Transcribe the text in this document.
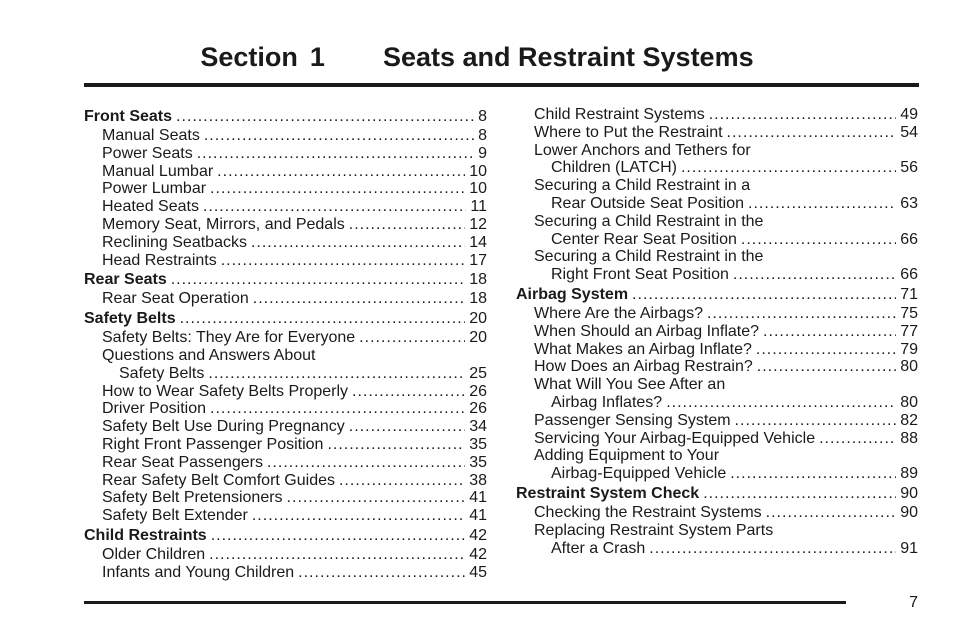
Section 1 Seats and Restraint Systems
Front Seats .....	8
Manual Seats .....	8
Power Seats .....	9
Manual Lumbar .....	10
Power Lumbar .....	10
Heated Seats .....	11
Memory Seat, Mirrors, and Pedals .....	12
Reclining Seatbacks .....	14
Head Restraints .....	17
Rear Seats .....	18
Rear Seat Operation .....	18
Safety Belts .....	20
Safety Belts: They Are for Everyone .....	20
Questions and Answers About
Safety Belts .....	25
How to Wear Safety Belts Properly .....	26
Driver Position .....	26
Safety Belt Use During Pregnancy .....	34
Right Front Passenger Position .....	35
Rear Seat Passengers .....	35
Rear Safety Belt Comfort Guides .....	38
Safety Belt Pretensioners .....	41
Safety Belt Extender .....	41
Child Restraints .....	42
Older Children .....	42
Infants and Young Children .....	45
Child Restraint Systems .....	49
Where to Put the Restraint .....	54
Lower Anchors and Tethers for
Children (LATCH) .....	56
Securing a Child Restraint in a
Rear Outside Seat Position .....	63
Securing a Child Restraint in the
Center Rear Seat Position .....	66
Securing a Child Restraint in the
Right Front Seat Position .....	66
Airbag System .....	71
Where Are the Airbags? .....	75
When Should an Airbag Inflate? .....	77
What Makes an Airbag Inflate? .....	79
How Does an Airbag Restrain? .....	80
What Will You See After an
Airbag Inflates? .....	80
Passenger Sensing System .....	82
Servicing Your Airbag-Equipped Vehicle .....	88
Adding Equipment to Your
Airbag-Equipped Vehicle .....	89
Restraint System Check .....	90
Checking the Restraint Systems .....	90
Replacing Restraint System Parts
After a Crash .....	91
7
